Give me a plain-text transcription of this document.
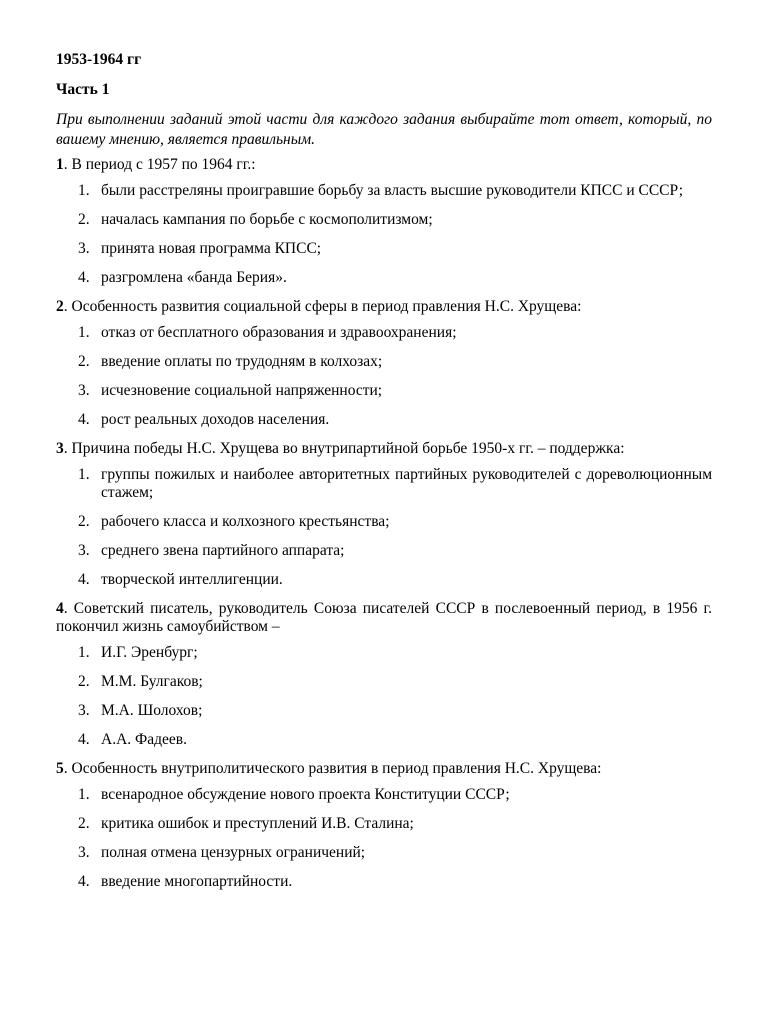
1953-1964 гг
Часть 1
При выполнении заданий этой части для каждого задания выбирайте тот ответ, который, по вашему мнению, является правильным.
1. В период с 1957 по 1964 гг.:
1. были расстреляны проигравшие борьбу за власть высшие руководители КПСС и СССР;
2. началась кампания по борьбе с космополитизмом;
3. принята новая программа КПСС;
4. разгромлена «банда Берия».
2. Особенность развития социальной сферы в период правления Н.С. Хрущева:
1. отказ от бесплатного образования и здравоохранения;
2. введение оплаты по трудодням в колхозах;
3. исчезновение социальной напряженности;
4. рост реальных доходов населения.
3. Причина победы Н.С. Хрущева во внутрипартийной борьбе 1950-х гг. – поддержка:
1. группы пожилых и наиболее авторитетных партийных руководителей с дореволюционным стажем;
2. рабочего класса и колхозного крестьянства;
3. среднего звена партийного аппарата;
4. творческой интеллигенции.
4. Советский писатель, руководитель Союза писателей СССР в послевоенный период, в 1956 г. покончил жизнь самоубийством –
1. И.Г. Эренбург;
2. М.М. Булгаков;
3. М.А. Шолохов;
4. А.А. Фадеев.
5. Особенность внутриполитического развития в период правления Н.С. Хрущева:
1. всенародное обсуждение нового проекта Конституции СССР;
2. критика ошибок и преступлений И.В. Сталина;
3. полная отмена цензурных ограничений;
4. введение многопартийности.
